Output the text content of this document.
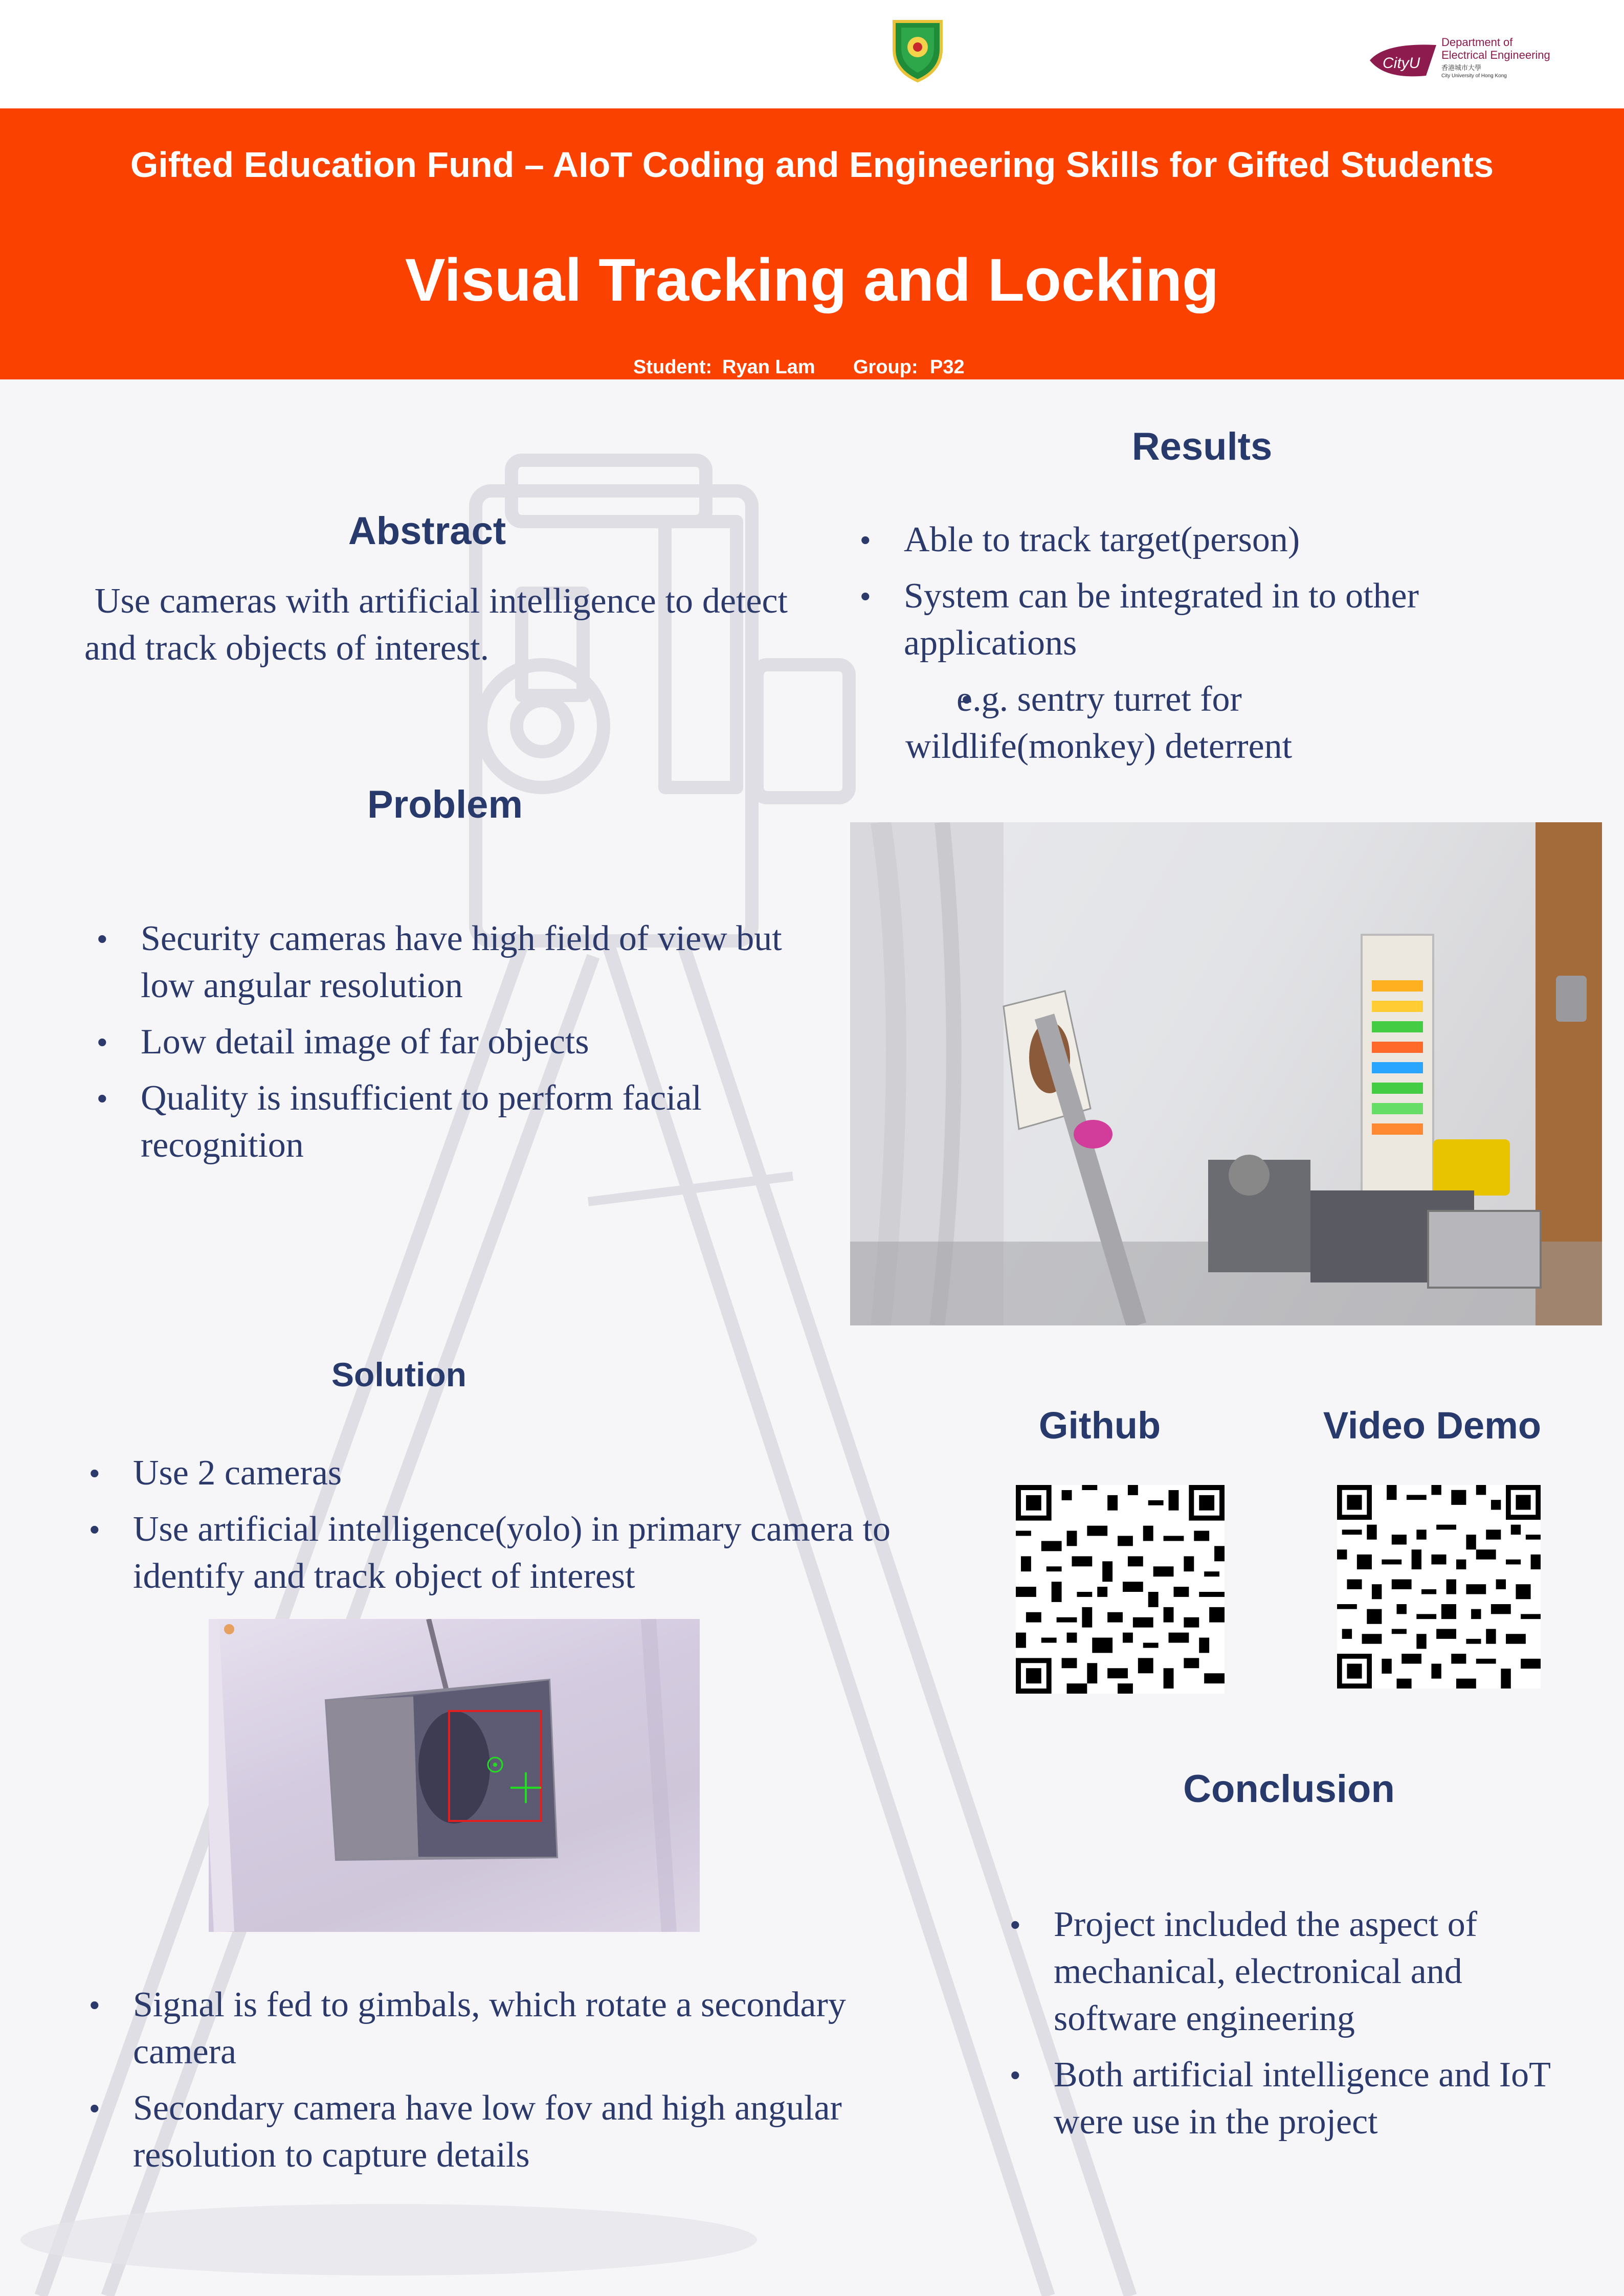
CityU
Department of
Electrical Engineering
香港城市大學
City University of Hong Kong
Gifted Education Fund – AIoT Coding and Engineering Skills for Gifted Students
Visual Tracking and Locking
Student: Ryan Lam Group: P32
Abstract
Use cameras with artificial intelligence to detect and track objects of interest.
Problem
• Security cameras have high field of view but low angular resolution
• Low detail image of far objects
• Quality is insufficient to perform facial recognition
Solution
• Use 2 cameras
• Use artificial intelligence(yolo) in primary camera to identify and track object of interest
• Signal is fed to gimbals, which rotate a secondary camera
• Secondary camera have low fov and high angular resolution to capture details
Results
• Able to track target(person)
• System can be integrated in to other applications
• e.g. sentry turret for wildlife(monkey) deterrent
Github	Video Demo
Conclusion
• Project included the aspect of mechanical, electronical and software engineering
• Both artificial intelligence and IoT were use in the project
